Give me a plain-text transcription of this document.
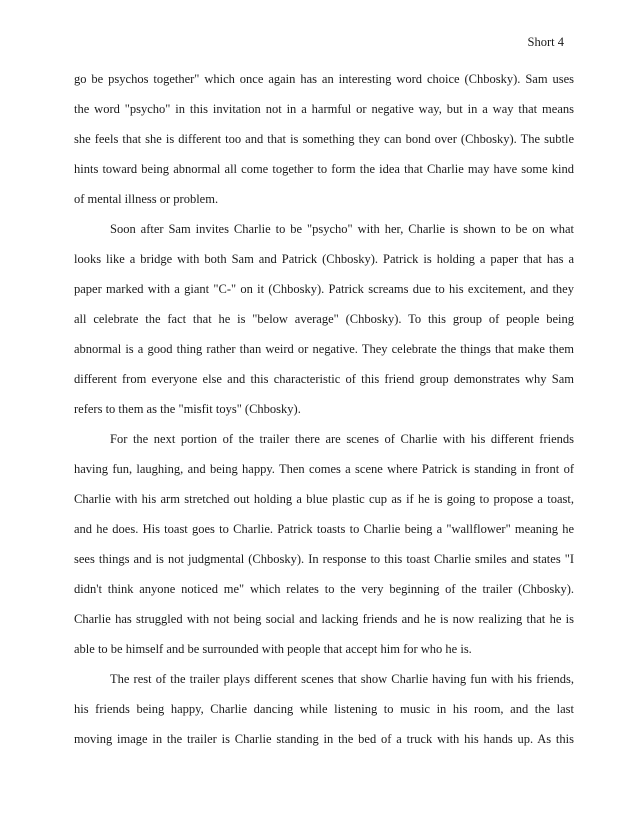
Short 4
go be psychos together" which once again has an interesting word choice (Chbosky). Sam uses
the word "psycho" in this invitation not in a harmful or negative way, but in a way that means
she feels that she is different too and that is something they can bond over (Chbosky). The subtle
hints toward being abnormal all come together to form the idea that Charlie may have some kind
of mental illness or problem.
Soon after Sam invites Charlie to be "psycho" with her, Charlie is shown to be on what
looks like a bridge with both Sam and Patrick (Chbosky). Patrick is holding a paper that has a
paper marked with a giant "C-" on it (Chbosky). Patrick screams due to his excitement, and they
all celebrate the fact that he is "below average" (Chbosky). To this group of people being
abnormal is a good thing rather than weird or negative. They celebrate the things that make them
different from everyone else and this characteristic of this friend group demonstrates why Sam
refers to them as the "misfit toys" (Chbosky).
For the next portion of the trailer there are scenes of Charlie with his different friends
having fun, laughing, and being happy. Then comes a scene where Patrick is standing in front of
Charlie with his arm stretched out holding a blue plastic cup as if he is going to propose a toast,
and he does. His toast goes to Charlie. Patrick toasts to Charlie being a "wallflower" meaning he
sees things and is not judgmental (Chbosky). In response to this toast Charlie smiles and states "I
didn't think anyone noticed me" which relates to the very beginning of the trailer (Chbosky).
Charlie has struggled with not being social and lacking friends and he is now realizing that he is
able to be himself and be surrounded with people that accept him for who he is.
The rest of the trailer plays different scenes that show Charlie having fun with his friends,
his friends being happy, Charlie dancing while listening to music in his room, and the last
moving image in the trailer is Charlie standing in the bed of a truck with his hands up. As this
